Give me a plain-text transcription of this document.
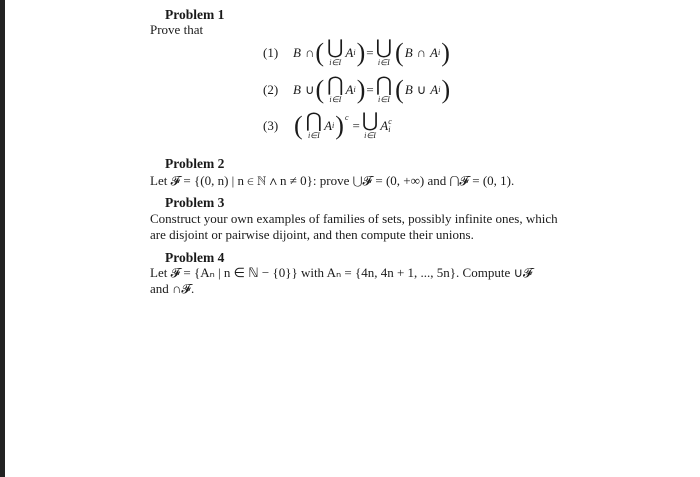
Problem 1
Prove that
(1)	B ∩ ( ⋃
i∈I
A i ) = ⋃
i∈I ( B ∩ A i )
(2)	B ∪ ( ⋂
i∈I
A i ) = ⋂
i∈I ( B ∪ A i )
(3) ( ⋂
i∈I
A i ) $^c$ = ⋃
i∈I
A c
i
Problem 2
Let 𝓕 = {(0, n) | n ∈ ℕ ∧ n ≠ 0}: prove ⋃𝓕 = (0, +∞) and ⋂𝓕 = (0, 1).
Problem 3
Construct your own examples of families of sets, possibly infinite ones, which
are disjoint or pairwise dijoint, and then compute their unions.
Problem 4
Let 𝓕 = {Aₙ | n ∈ ℕ − {0}} with Aₙ = {4n, 4n + 1, ..., 5n}. Compute ∪𝓕
and ∩𝓕.
